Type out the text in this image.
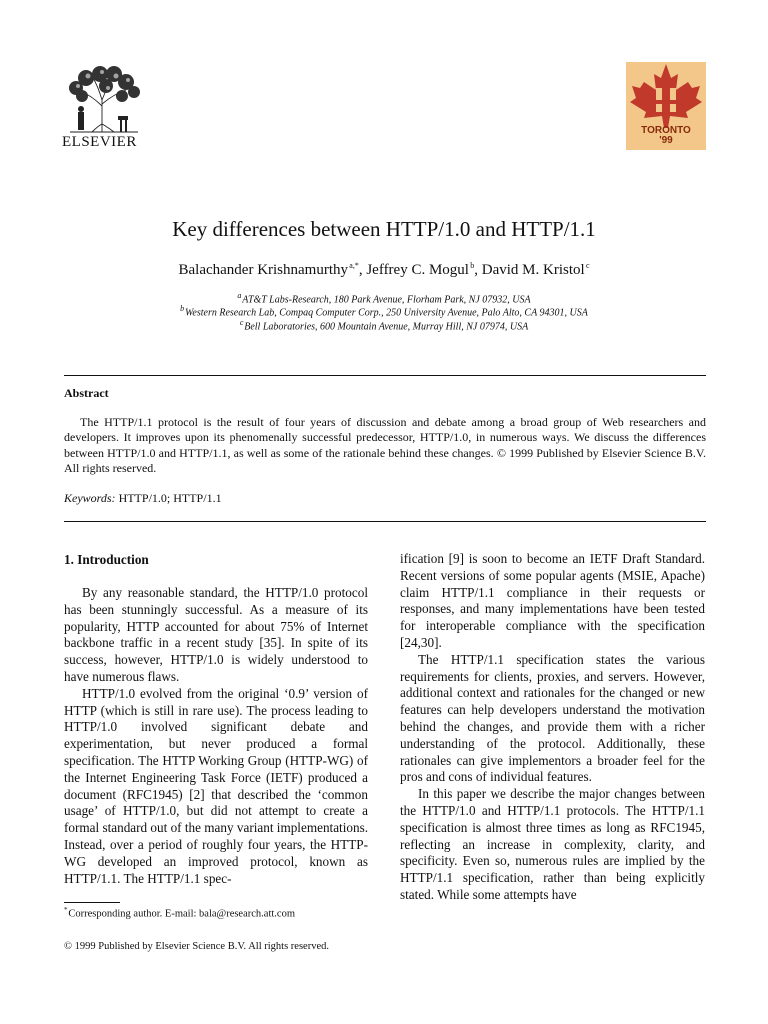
ELSEVIER
TORONTO
'99
Key differences between HTTP/1.0 and HTTP/1.1
Balachander Krishnamurthy $^{a,*}$, Jeffrey C. Mogul $^b$, David M. Kristol $^c$
$^a$ AT&T Labs-Research, 180 Park Avenue, Florham Park, NJ 07932, USA
$^b$ Western Research Lab, Compaq Computer Corp., 250 University Avenue, Palo Alto, CA 94301, USA
$^c$ Bell Laboratories, 600 Mountain Avenue, Murray Hill, NJ 07974, USA
Abstract
The HTTP/1.1 protocol is the result of four years of discussion and debate among a broad group of Web researchers and developers. It improves upon its phenomenally successful predecessor, HTTP/1.0, in numerous ways. We discuss the differences between HTTP/1.0 and HTTP/1.1, as well as some of the rationale behind these changes. © 1999 Published by Elsevier Science B.V. All rights reserved.
Keywords: HTTP/1.0; HTTP/1.1
1. Introduction

By any reasonable standard, the HTTP/1.0 protocol has been stunningly successful. As a measure of its popularity, HTTP accounted for about 75% of Internet backbone traffic in a recent study [35]. In spite of its success, however, HTTP/1.0 is widely understood to have numerous flaws.

HTTP/1.0 evolved from the original ‘0.9’ version of HTTP (which is still in rare use). The process leading to HTTP/1.0 involved significant debate and experimentation, but never produced a formal specification. The HTTP Working Group (HTTP-WG) of the Internet Engineering Task Force (IETF) produced a document (RFC1945) [2] that described the ‘common usage’ of HTTP/1.0, but did not attempt to create a formal standard out of the many variant implementations. Instead, over a period of roughly four years, the HTTP-WG developed an improved protocol, known as HTTP/1.1. The HTTP/1.1 spec-

ification [9] is soon to become an IETF Draft Standard. Recent versions of some popular agents (MSIE, Apache) claim HTTP/1.1 compliance in their requests or responses, and many implementations have been tested for interoperable compliance with the specification [24,30].

The HTTP/1.1 specification states the various requirements for clients, proxies, and servers. However, additional context and rationales for the changed or new features can help developers understand the motivation behind the changes, and provide them with a richer understanding of the protocol. Additionally, these rationales can give implementors a broader feel for the pros and cons of individual features.

In this paper we describe the major changes between the HTTP/1.0 and HTTP/1.1 protocols. The HTTP/1.1 specification is almost three times as long as RFC1945, reflecting an increase in complexity, clarity, and specificity. Even so, numerous rules are implied by the HTTP/1.1 specification, rather than being explicitly stated. While some attempts have

* Corresponding author. E-mail: bala@research.att.com
© 1999 Published by Elsevier Science B.V. All rights reserved.
